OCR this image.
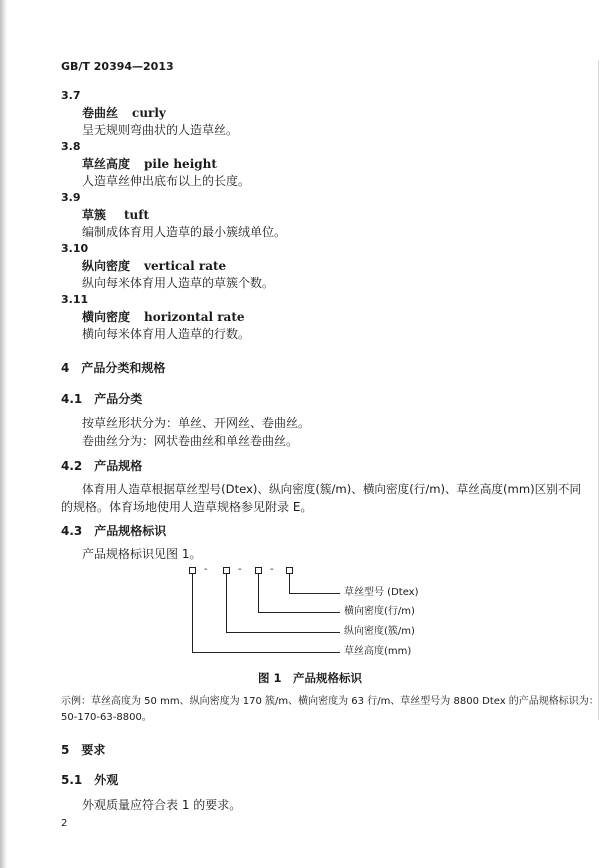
GB/T 20394—2013
3.7
卷曲丝 curly
呈无规则弯曲状的人造草丝。
3.8
草丝高度 pile height
人造草丝伸出底布以上的长度。
3.9
草簇 tuft
编制成体育用人造草的最小簇绒单位。
3.10
纵向密度 vertical rate
纵向每米体育用人造草的草簇个数。
3.11
横向密度 horizontal rate
横向每米体育用人造草的行数。
4　产品分类和规格
4.1　产品分类
按草丝形状分为：单丝、开网丝、卷曲丝。
卷曲丝分为：网状卷曲丝和单丝卷曲丝。
4.2　产品规格
体育用人造草根据草丝型号(Dtex)、纵向密度(簇/m)、横向密度(行/m)、草丝高度(mm)区别不同
的规格。体育场地使用人造草规格参见附录 E。
4.3　产品规格标识
产品规格标识见图 1。
-	-	-
草丝型号 (Dtex)
横向密度(行/m)
纵向密度(簇/m)
草丝高度(mm)
图 1　产品规格标识
示例：草丝高度为 50 mm、纵向密度为 170 簇/m、横向密度为 63 行/m、草丝型号为 8800 Dtex 的产品规格标识为：
50-170-63-8800。
5　要求
5.1　外观
外观质量应符合表 1 的要求。
2
